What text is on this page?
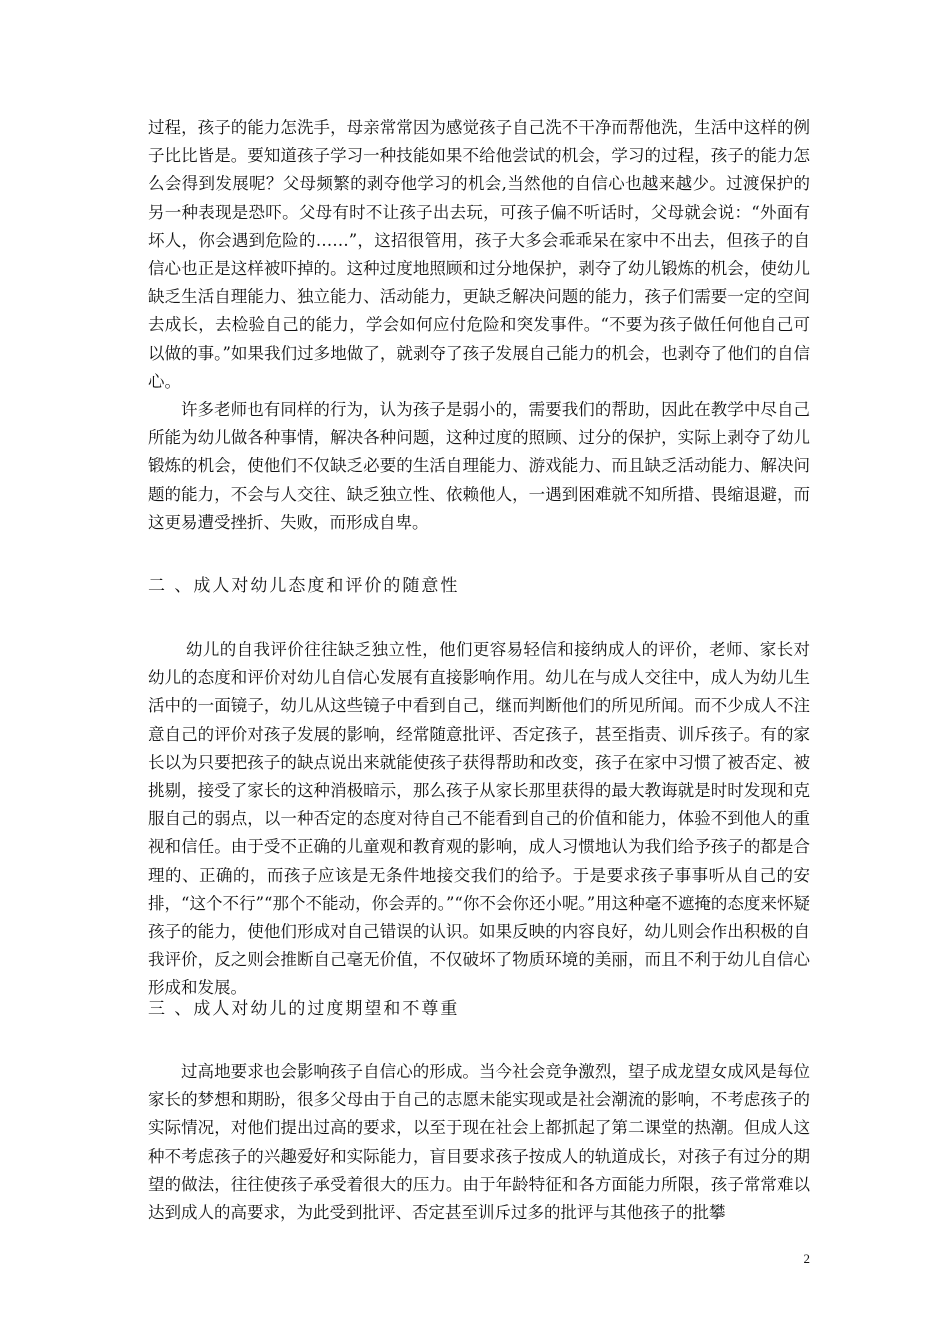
过程，孩子的能力怎洗手，母亲常常因为感觉孩子自己洗不干净而帮他洗，生活中这样的例子比比皆是。要知道孩子学习一种技能如果不给他尝试的机会，学习的过程，孩子的能力怎么会得到发展呢？父母频繁的剥夺他学习的机会,当然他的自信心也越来越少。过渡保护的另一种表现是恐吓。父母有时不让孩子出去玩，可孩子偏不听话时，父母就会说：“外面有坏人，你会遇到危险的……”，这招很管用，孩子大多会乖乖呆在家中不出去，但孩子的自信心也正是这样被吓掉的。这种过度地照顾和过分地保护，剥夺了幼儿锻炼的机会，使幼儿缺乏生活自理能力、独立能力、活动能力，更缺乏解决问题的能力，孩子们需要一定的空间去成长，去检验自己的能力，学会如何应付危险和突发事件。“不要为孩子做任何他自己可以做的事。”如果我们过多地做了，就剥夺了孩子发展自己能力的机会，也剥夺了他们的自信心。

许多老师也有同样的行为，认为孩子是弱小的，需要我们的帮助，因此在教学中尽自己所能为幼儿做各种事情，解决各种问题，这种过度的照顾、过分的保护，实际上剥夺了幼儿锻炼的机会，使他们不仅缺乏必要的生活自理能力、游戏能力、而且缺乏活动能力、解决问题的能力，不会与人交往、缺乏独立性、依赖他人，一遇到困难就不知所措、畏缩退避，而这更易遭受挫折、失败，而形成自卑。

二 、成人对幼儿态度和评价的随意性

幼儿的自我评价往往缺乏独立性，他们更容易轻信和接纳成人的评价，老师、家长对幼儿的态度和评价对幼儿自信心发展有直接影响作用。幼儿在与成人交往中，成人为幼儿生活中的一面镜子，幼儿从这些镜子中看到自己，继而判断他们的所见所闻。而不少成人不注意自己的评价对孩子发展的影响，经常随意批评、否定孩子，甚至指责、训斥孩子。有的家长以为只要把孩子的缺点说出来就能使孩子获得帮助和改变，孩子在家中习惯了被否定、被挑剔，接受了家长的这种消极暗示，那么孩子从家长那里获得的最大教诲就是时时发现和克服自己的弱点，以一种否定的态度对待自己不能看到自己的价值和能力，体验不到他人的重视和信任。由于受不正确的儿童观和教育观的影响，成人习惯地认为我们给予孩子的都是合理的、正确的，而孩子应该是无条件地接交我们的给予。于是要求孩子事事听从自己的安排，“这个不行”“那个不能动，你会弄的。”“你不会你还小呢。”用这种毫不遮掩的态度来怀疑孩子的能力，使他们形成对自己错误的认识。如果反映的内容良好，幼儿则会作出积极的自我评价，反之则会推断自己毫无价值，不仅破坏了物质环境的美丽，而且不利于幼儿自信心形成和发展。

三 、成人对幼儿的过度期望和不尊重

过高地要求也会影响孩子自信心的形成。当今社会竞争激烈，望子成龙望女成风是每位家长的梦想和期盼，很多父母由于自己的志愿未能实现或是社会潮流的影响，不考虑孩子的实际情况，对他们提出过高的要求，以至于现在社会上都抓起了第二课堂的热潮。但成人这种不考虑孩子的兴趣爱好和实际能力，盲目要求孩子按成人的轨道成长，对孩子有过分的期望的做法，往往使孩子承受着很大的压力。由于年龄特征和各方面能力所限，孩子常常难以达到成人的高要求，为此受到批评、否定甚至训斥过多的批评与其他孩子的批攀

2
